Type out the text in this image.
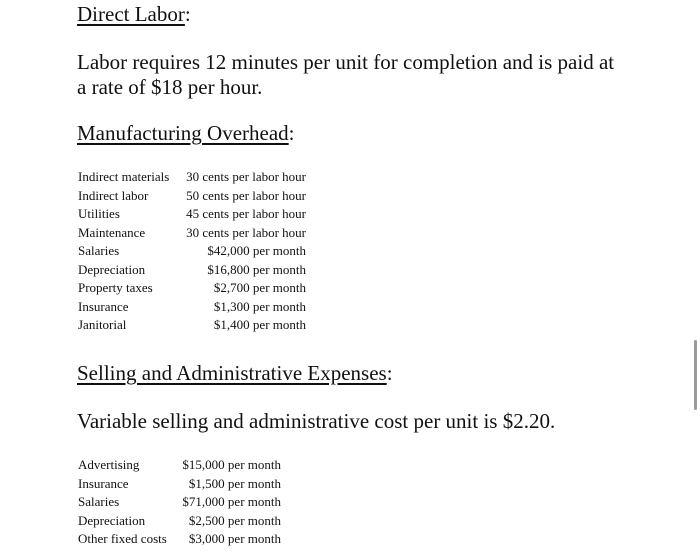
Direct Labor:
Labor requires 12 minutes per unit for completion and is paid at
a rate of $18 per hour.
Manufacturing Overhead:
Indirect materials 30 cents per labor hour
Indirect labor	50 cents per labor hour
Utilities	45 cents per labor hour
Maintenance	30 cents per labor hour
Salaries	$42,000 per month
Depreciation	$16,800 per month
Property taxes	$2,700 per month
Insurance	$1,300 per month
Janitorial	$1,400 per month
Selling and Administrative Expenses:
Variable selling and administrative cost per unit is $2.20.
Advertising	$15,000 per month
Insurance	$1,500 per month
Salaries	$71,000 per month
Depreciation	$2,500 per month
Other fixed costs $3,000 per month
